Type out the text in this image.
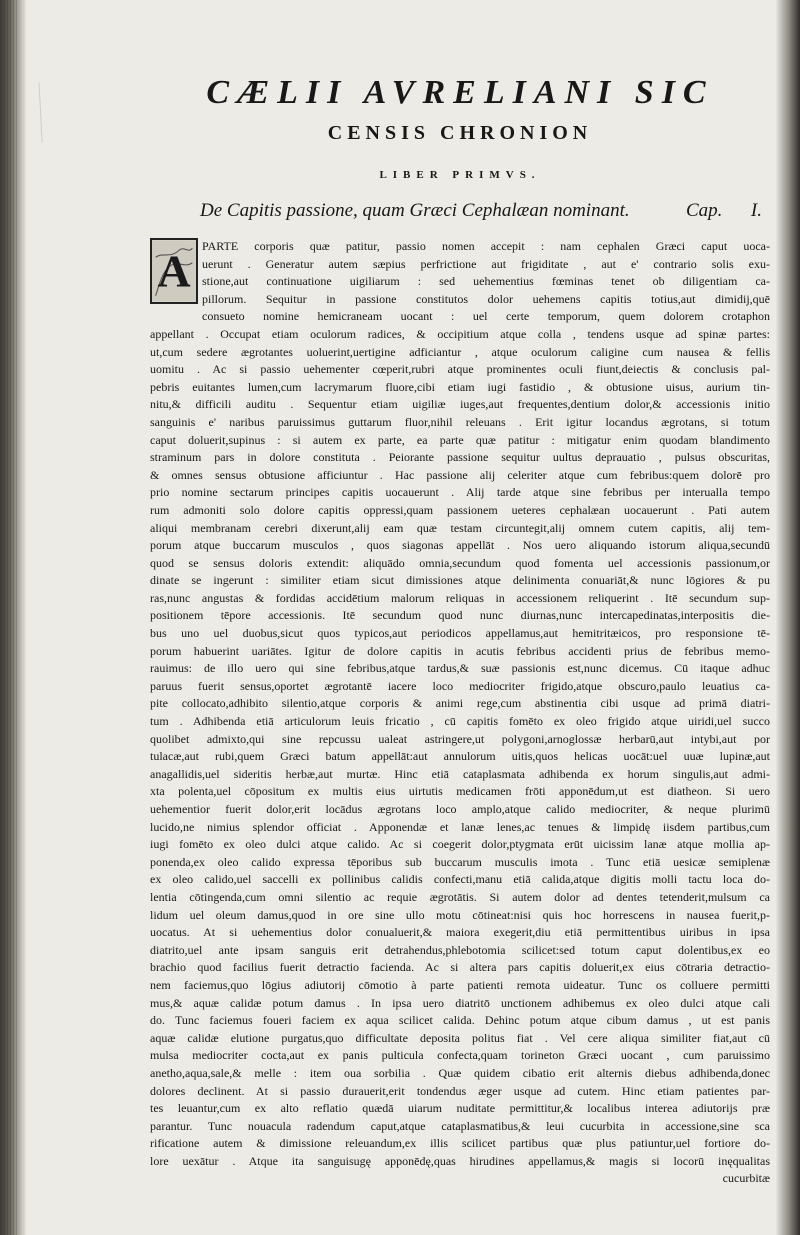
CÆLII AVRELIANI SIC
CENSIS CHRONION
LIBER PRIMVS.
De Capitis passione, quam Græci Cephalæan nominant.	Cap. I.
A PARTE corporis quæ patitur, passio nomen accepit : nam cephalen Græci caput uoca-
uerunt . Generatur autem sæpius perfrictione aut frigiditate , aut e' contrario solis exu-
stione,aut continuatione uigiliarum : sed uehementius fœminas tenet ob diligentiam ca-
pillorum. Sequitur in passione constitutos dolor uehemens capitis totius,aut dimidij,quē
consueto nomine hemicraneam uocant : uel certe temporum, quem dolorem crotaphon
appellant . Occupat etiam oculorum radices, & occipitium atque colla , tendens usque ad spinæ partes:
ut,cum sedere ægrotantes uoluerint,uertigine adficiantur , atque oculorum caligine cum nausea & fellis
uomitu . Ac si passio uehementer cœperit,rubri atque prominentes oculi fiunt,deiectis & conclusis pal-
pebris euitantes lumen,cum lacrymarum fluore,cibi etiam iugi fastidio , & obtusione uisus, aurium tin-
nitu,& difficili auditu . Sequentur etiam uigiliæ iuges,aut frequentes,dentium dolor,& accessionis initio
sanguinis e' naribus paruissimus guttarum fluor,nihil releuans . Erit igitur locandus ægrotans, si totum
caput doluerit,supinus : si autem ex parte, ea parte quæ patitur : mitigatur enim quodam blandimento
straminum pars in dolore constituta . Peiorante passione sequitur uultus deprauatio , pulsus obscuritas,
& omnes sensus obtusione afficiuntur . Hac passione alij celeriter atque cum febribus:quem dolorē pro
prio nomine sectarum principes capitis uocauerunt . Alij tarde atque sine febribus per interualla tempo
rum admoniti solo dolore capitis oppressi,quam passionem ueteres cephalæan uocauerunt . Pati autem
aliqui membranam cerebri dixerunt,alij eam quæ testam circuntegit,alij omnem cutem capitis, alij tem-
porum atque buccarum musculos , quos siagonas appellāt . Nos uero aliquando istorum aliqua,secundū
quod se sensus doloris extendit: aliquādo omnia,secundum quod fomenta uel accessionis passionum,or
dinate se ingerunt : similiter etiam sicut dimissiones atque delinimenta conuariāt,& nunc lōgiores & pu
ras,nunc angustas & fordidas accidētium malorum reliquas in accessionem reliquerint . Itē secundum sup-
positionem tēpore accessionis. Itē secundum quod nunc diurnas,nunc intercapedinatas,interpositis die-
bus uno uel duobus,sicut quos typicos,aut periodicos appellamus,aut hemitritæicos, pro responsione tē-
porum habuerint uariātes. Igitur de dolore capitis in acutis febribus accidenti prius de febribus memo-
rauimus: de illo uero qui sine febribus,atque tardus,& suæ passionis est,nunc dicemus. Cū itaque adhuc
paruus fuerit sensus,oportet ægrotantē iacere loco mediocriter frigido,atque obscuro,paulo leuatius ca-
pite collocato,adhibito silentio,atque corporis & animi rege,cum abstinentia cibi usque ad primā diatri-
tum . Adhibenda etiā articulorum leuis fricatio , cū capitis fomēto ex oleo frigido atque uiridi,uel succo
quolibet admixto,qui sine repcussu ualeat astringere,ut polygoni,arnoglossæ herbarū,aut intybi,aut por
tulacæ,aut rubi,quem Græci batum appellāt:aut annulorum uitis,quos helicas uocāt:uel uuæ lupinæ,aut
anagallidis,uel sideritis herbæ,aut murtæ. Hinc etiā cataplasmata adhibenda ex horum singulis,aut admi-
xta polenta,uel cōpositum ex multis eius uirtutis medicamen frōti apponēdum,ut est diatheon. Si uero
uehementior fuerit dolor,erit locādus ægrotans loco amplo,atque calido mediocriter, & neque plurimū
lucido,ne nimius splendor officiat . Apponendæ et lanæ lenes,ac tenues & limpidę iisdem partibus,cum
iugi fomēto ex oleo dulci atque calido. Ac si coegerit dolor,ptygmata erūt uicissim lanæ atque mollia ap-
ponenda,ex oleo calido expressa tēporibus sub buccarum musculis imota . Tunc etiā uesicæ semiplenæ
ex oleo calido,uel saccelli ex pollinibus calidis confecti,manu etiā calida,atque digitis molli tactu loca do-
lentia cōtingenda,cum omni silentio ac requie ægrotātis. Si autem dolor ad dentes tetenderit,mulsum ca
lidum uel oleum damus,quod in ore sine ullo motu cōtineat:nisi quis hoc horrescens in nausea fuerit,p-
uocatus. At si uehementius dolor conualuerit,& maiora exegerit,diu etiā permittentibus uiribus in ipsa
diatrito,uel ante ipsam sanguis erit detrahendus,phlebotomia scilicet:sed totum caput dolentibus,ex eo
brachio quod facilius fuerit detractio facienda. Ac si altera pars capitis doluerit,ex eius cōtraria detractio-
nem faciemus,quo lōgius adiutorij cōmotio à parte patienti remota uideatur. Tunc os colluere permitti
mus,& aquæ calidæ potum damus . In ipsa uero diatritō unctionem adhibemus ex oleo dulci atque cali
do. Tunc faciemus foueri faciem ex aqua scilicet calida. Dehinc potum atque cibum damus , ut est panis
aquæ calidæ elutione purgatus,quo difficultate deposita politus fiat . Vel cere aliqua similiter fiat,aut cū
mulsa mediocriter cocta,aut ex panis pulticula confecta,quam torineton Græci uocant , cum paruissimo
anetho,aqua,sale,& melle : item oua sorbilia . Quæ quidem cibatio erit alternis diebus adhibenda,donec
dolores declinent. At si passio durauerit,erit tondendus æger usque ad cutem. Hinc etiam patientes par-
tes leuantur,cum ex alto reflatio quædā uiarum nuditate permittitur,& localibus interea adiutorijs præ
parantur. Tunc nouacula radendum caput,atque cataplasmatibus,& leui cucurbita in accessione,sine sca
rificatione autem & dimissione releuandum,ex illis scilicet partibus quæ plus patiuntur,uel fortiore do-
lore uexātur . Atque ita sanguisugę apponēdę,quas hirudines appellamus,& magis si locorū inęqualitas
cucurbitæ
